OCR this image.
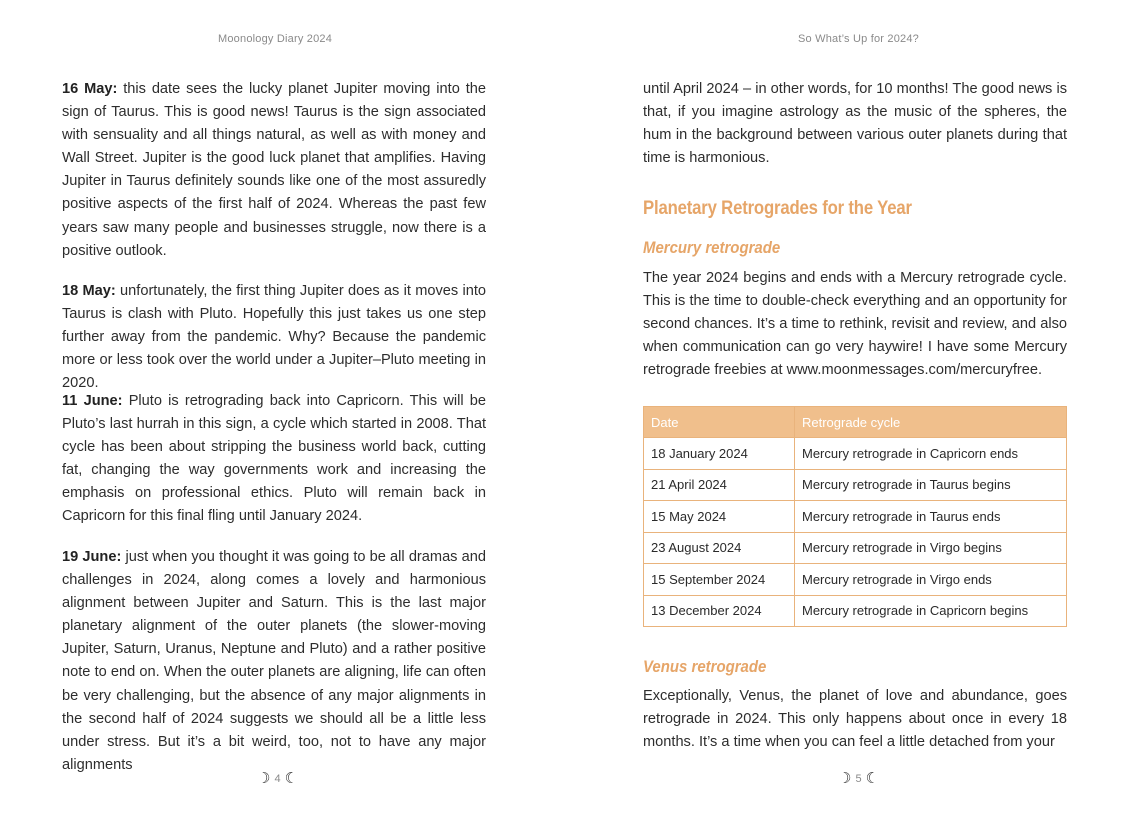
Moonology Diary 2024

16 May: this date sees the lucky planet Jupiter moving into the sign of Taurus. This is good news! Taurus is the sign associated with sensuality and all things natural, as well as with money and Wall Street. Jupiter is the good luck planet that amplifies. Having Jupiter in Taurus definitely sounds like one of the most assuredly positive aspects of the first half of 2024. Whereas the past few years saw many people and businesses struggle, now there is a positive outlook.

18 May: unfortunately, the first thing Jupiter does as it moves into Taurus is clash with Pluto. Hopefully this just takes us one step further away from the pandemic. Why? Because the pandemic more or less took over the world under a Jupiter–Pluto meeting in 2020.

11 June: Pluto is retrograding back into Capricorn. This will be Pluto’s last hurrah in this sign, a cycle which started in 2008. That cycle has been about stripping the business world back, cutting fat, changing the way governments work and increasing the emphasis on professional ethics. Pluto will remain back in Capricorn for this final fling until January 2024.

19 June: just when you thought it was going to be all dramas and challenges in 2024, along comes a lovely and harmonious alignment between Jupiter and Saturn. This is the last major planetary alignment of the outer planets (the slower-moving Jupiter, Saturn, Uranus, Neptune and Pluto) and a rather positive note to end on. When the outer planets are aligning, life can often be very challenging, but the absence of any major alignments in the second half of 2024 suggests we should all be a little less under stress. But it’s a bit weird, too, not to have any major alignments

☽ 4 ☾
So What’s Up for 2024?

until April 2024 – in other words, for 10 months! The good news is that, if you imagine astrology as the music of the spheres, the hum in the background between various outer planets during that time is harmonious.

Planetary Retrogrades for the Year
Mercury retrograde

The year 2024 begins and ends with a Mercury retrograde cycle. This is the time to double-check everything and an opportunity for second chances. It’s a time to rethink, revisit and review, and also when communication can go very haywire! I have some Mercury retrograde freebies at www.moonmessages.com/mercuryfree.

Date	Retrograde cycle
18 January 2024	Mercury retrograde in Capricorn ends
21 April 2024	Mercury retrograde in Taurus begins
15 May 2024	Mercury retrograde in Taurus ends
23 August 2024	Mercury retrograde in Virgo begins
15 September 2024	Mercury retrograde in Virgo ends
13 December 2024	Mercury retrograde in Capricorn begins
Venus retrograde

Exceptionally, Venus, the planet of love and abundance, goes retrograde in 2024. This only happens about once in every 18 months. It’s a time when you can feel a little detached from your

☽ 5 ☾
